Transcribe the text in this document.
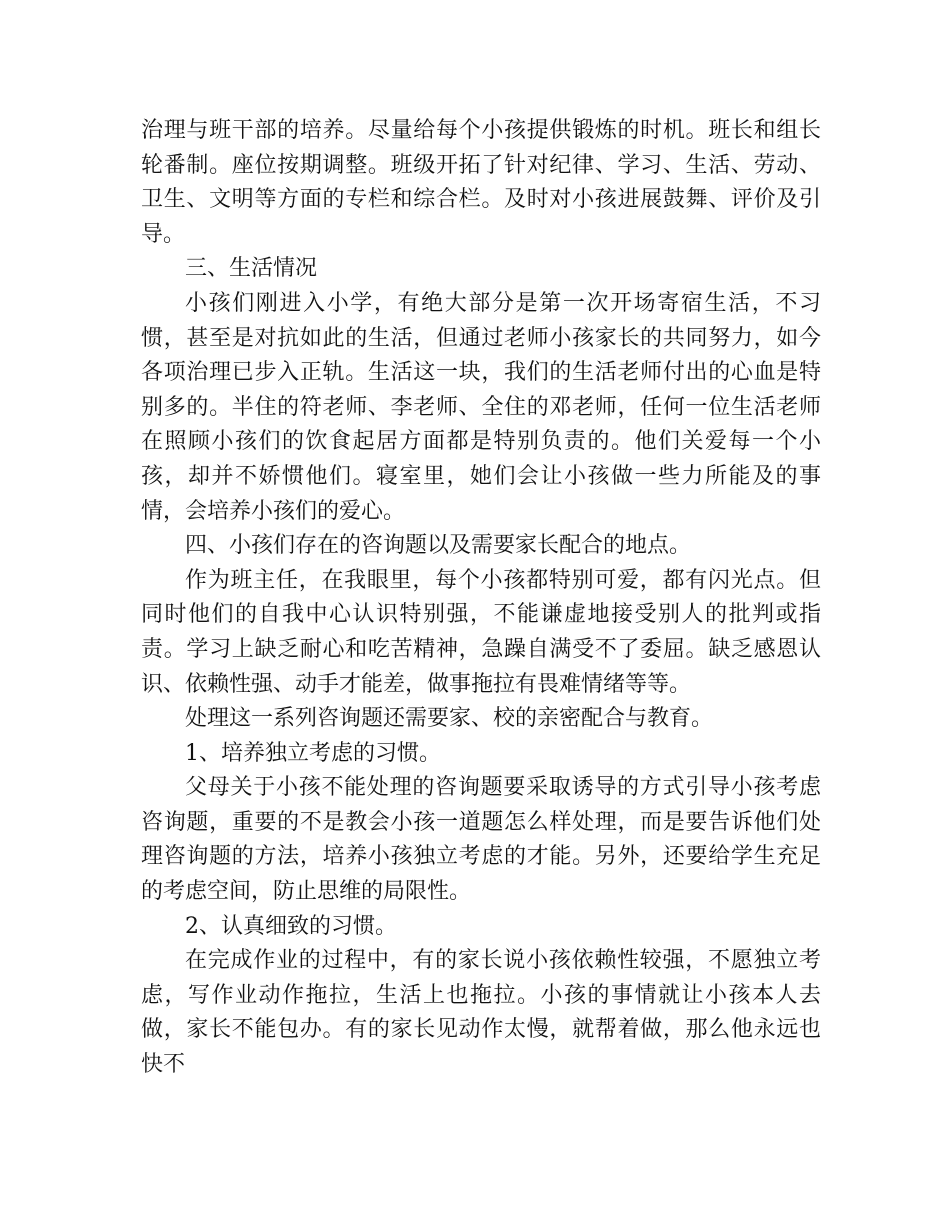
治理与班干部的培养。尽量给每个小孩提供锻炼的时机。班长和组长轮番制。座位按期调整。班级开拓了针对纪律、学习、生活、劳动、卫生、文明等方面的专栏和综合栏。及时对小孩进展鼓舞、评价及引导。

三、生活情况

小孩们刚进入小学，有绝大部分是第一次开场寄宿生活，不习惯，甚至是对抗如此的生活，但通过老师小孩家长的共同努力，如今各项治理已步入正轨。生活这一块，我们的生活老师付出的心血是特别多的。半住的符老师、李老师、全住的邓老师，任何一位生活老师在照顾小孩们的饮食起居方面都是特别负责的。他们关爱每一个小孩，却并不娇惯他们。寝室里，她们会让小孩做一些力所能及的事情，会培养小孩们的爱心。

四、小孩们存在的咨询题以及需要家长配合的地点。

作为班主任，在我眼里，每个小孩都特别可爱，都有闪光点。但同时他们的自我中心认识特别强，不能谦虚地接受别人的批判或指责。学习上缺乏耐心和吃苦精神，急躁自满受不了委屈。缺乏感恩认识、依赖性强、动手才能差，做事拖拉有畏难情绪等等。

处理这一系列咨询题还需要家、校的亲密配合与教育。

1、培养独立考虑的习惯。

父母关于小孩不能处理的咨询题要采取诱导的方式引导小孩考虑咨询题，重要的不是教会小孩一道题怎么样处理，而是要告诉他们处理咨询题的方法，培养小孩独立考虑的才能。另外，还要给学生充足的考虑空间，防止思维的局限性。

2、认真细致的习惯。

在完成作业的过程中，有的家长说小孩依赖性较强，不愿独立考虑，写作业动作拖拉，生活上也拖拉。小孩的事情就让小孩本人去做，家长不能包办。有的家长见动作太慢，就帮着做，那么他永远也快不
